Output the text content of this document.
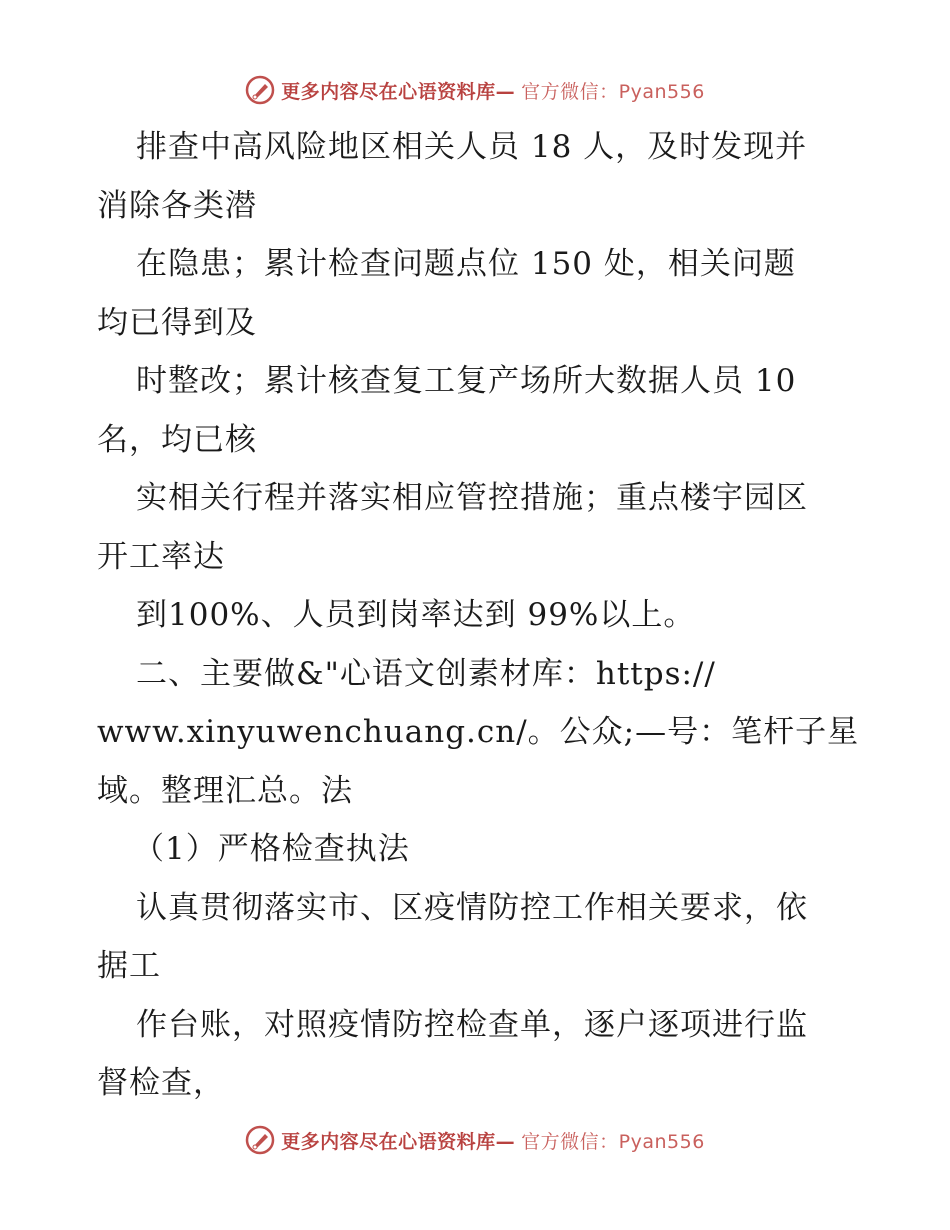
更多内容尽在心语资料库— 官方微信：Pyan556
排查中高风险地区相关人员 18 人，及时发现并
消除各类潜
在隐患；累计检查问题点位 150 处，相关问题
均已得到及
时整改；累计核查复工复产场所大数据人员 10
名，均已核
实相关行程并落实相应管控措施；重点楼宇园区
开工率达
到100%、人员到岗率达到 99%以上。
二、主要做&"心语文创素材库：https://
www.xinyuwenchuang.cn/。公众;—号：笔杆子星
域。整理汇总。法
（1）严格检查执法
认真贯彻落实市、区疫情防控工作相关要求，依
据工
作台账，对照疫情防控检查单，逐户逐项进行监
督检查，
更多内容尽在心语资料库— 官方微信：Pyan556
